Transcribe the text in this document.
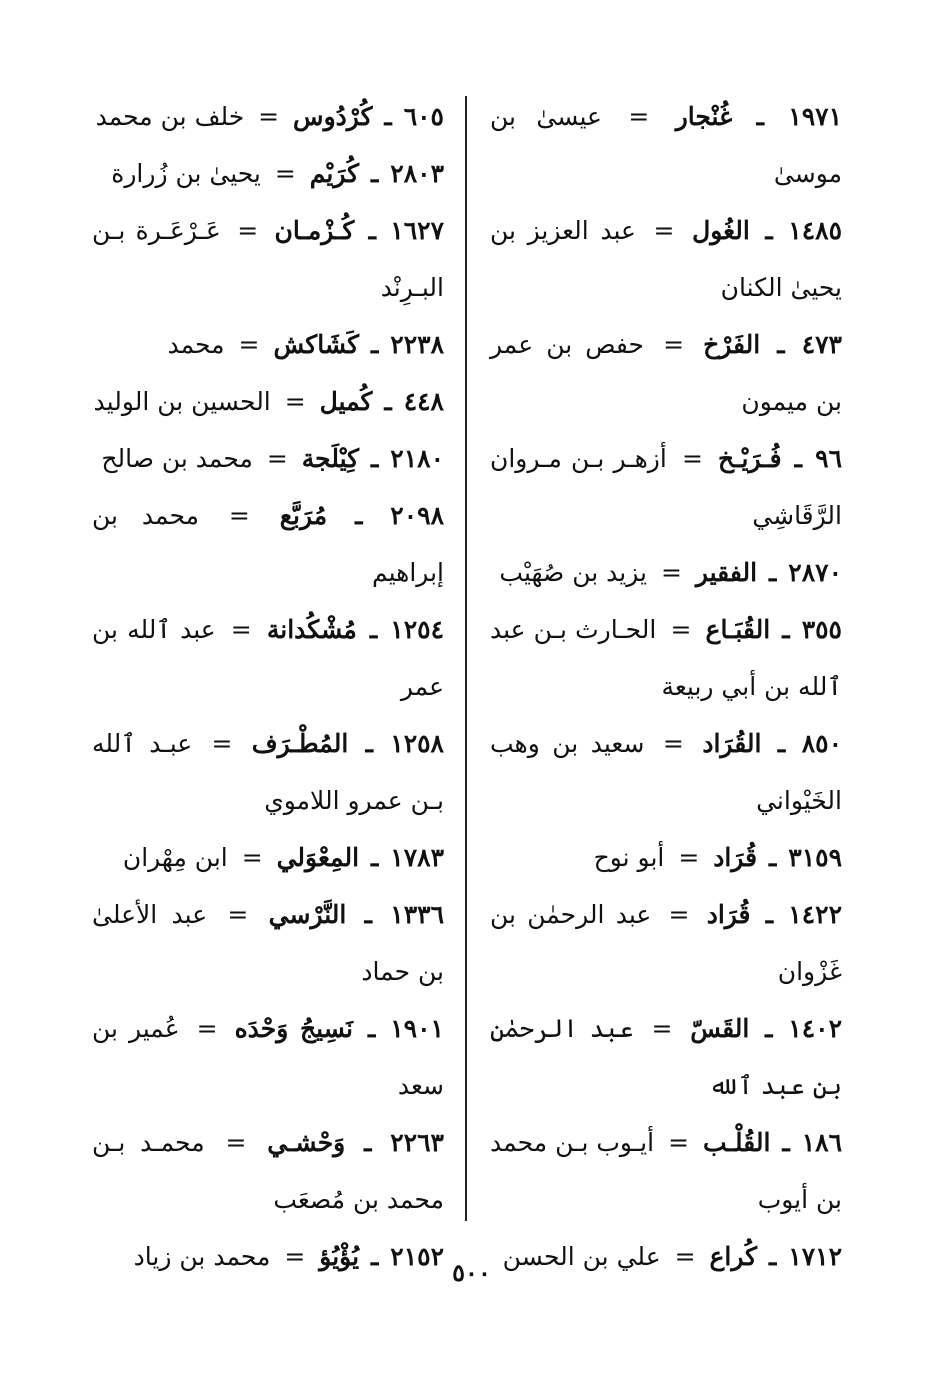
١٩٧١ ـ غُنْجار = عيسىٰ بن موسىٰ
١٤٨٥ ـ الغُول = عبد العزيز بن يحيىٰ الكنان
٤٧٣ ـ الفَرْخ = حفص بن عمر بن ميمون
٩٦ ـ فُـرَيْـخ = أزهـر بـن مـروان الرَّقَاشِي
٢٨٧٠ ـ الفقير = يزيد بن صُهَيْب
٣٥٥ ـ القُبَـاع = الحـارث بـن عبد ٱلله بن أبي ربيعة
٨٥٠ ـ القُرَاد = سعيد بن وهب الخَيْواني
٣١٥٩ ـ قُرَاد = أبو نوح
١٤٢٢ ـ قُرَاد = عبد الرحمٰن بن غَزْوان
١٤٠٢ ـ القَسّ = عبد الرحمٰن بن عبد ٱلله
١٨٦ ـ القُلْـب = أيـوب بـن محمد بن أيوب
١٧١٢ ـ كُراع = علي بن الحسن
٦٠٥ ـ كُرْدُوس = خلف بن محمد
٢٨٠٣ ـ كُرَيْم = يحيىٰ بن زُرارة
١٦٢٧ ـ كُـزْمـان = عَـرْعَـرة بـن البـرِنْد
٢٢٣٨ ـ كَشَاكش = محمد
٤٤٨ ـ كُميل = الحسين بن الوليد
٢١٨٠ ـ كِيْلَجة = محمد بن صالح
٢٠٩٨ ـ مُرَبَّع = محمد بن إبراهيم
١٢٥٤ ـ مُشْكُدانة = عبد ٱلله بن عمر
١٢٥٨ ـ المُطْـرَف = عبـد ٱلله بـن عمرو اللاموي
١٧٨٣ ـ المِعْوَلي = ابن مِهْران
١٣٣٦ ـ النَّرْسي = عبد الأعلىٰ بن حماد
١٩٠١ ـ نَسِيجُ وَحْدَه = عُمير بن سعد
٢٢٦٣ ـ وَحْشـي = محمـد بـن محمد بن مُصعَب
٢١٥٢ ـ يُؤْيُؤ = محمد بن زياد
٥٠٠
